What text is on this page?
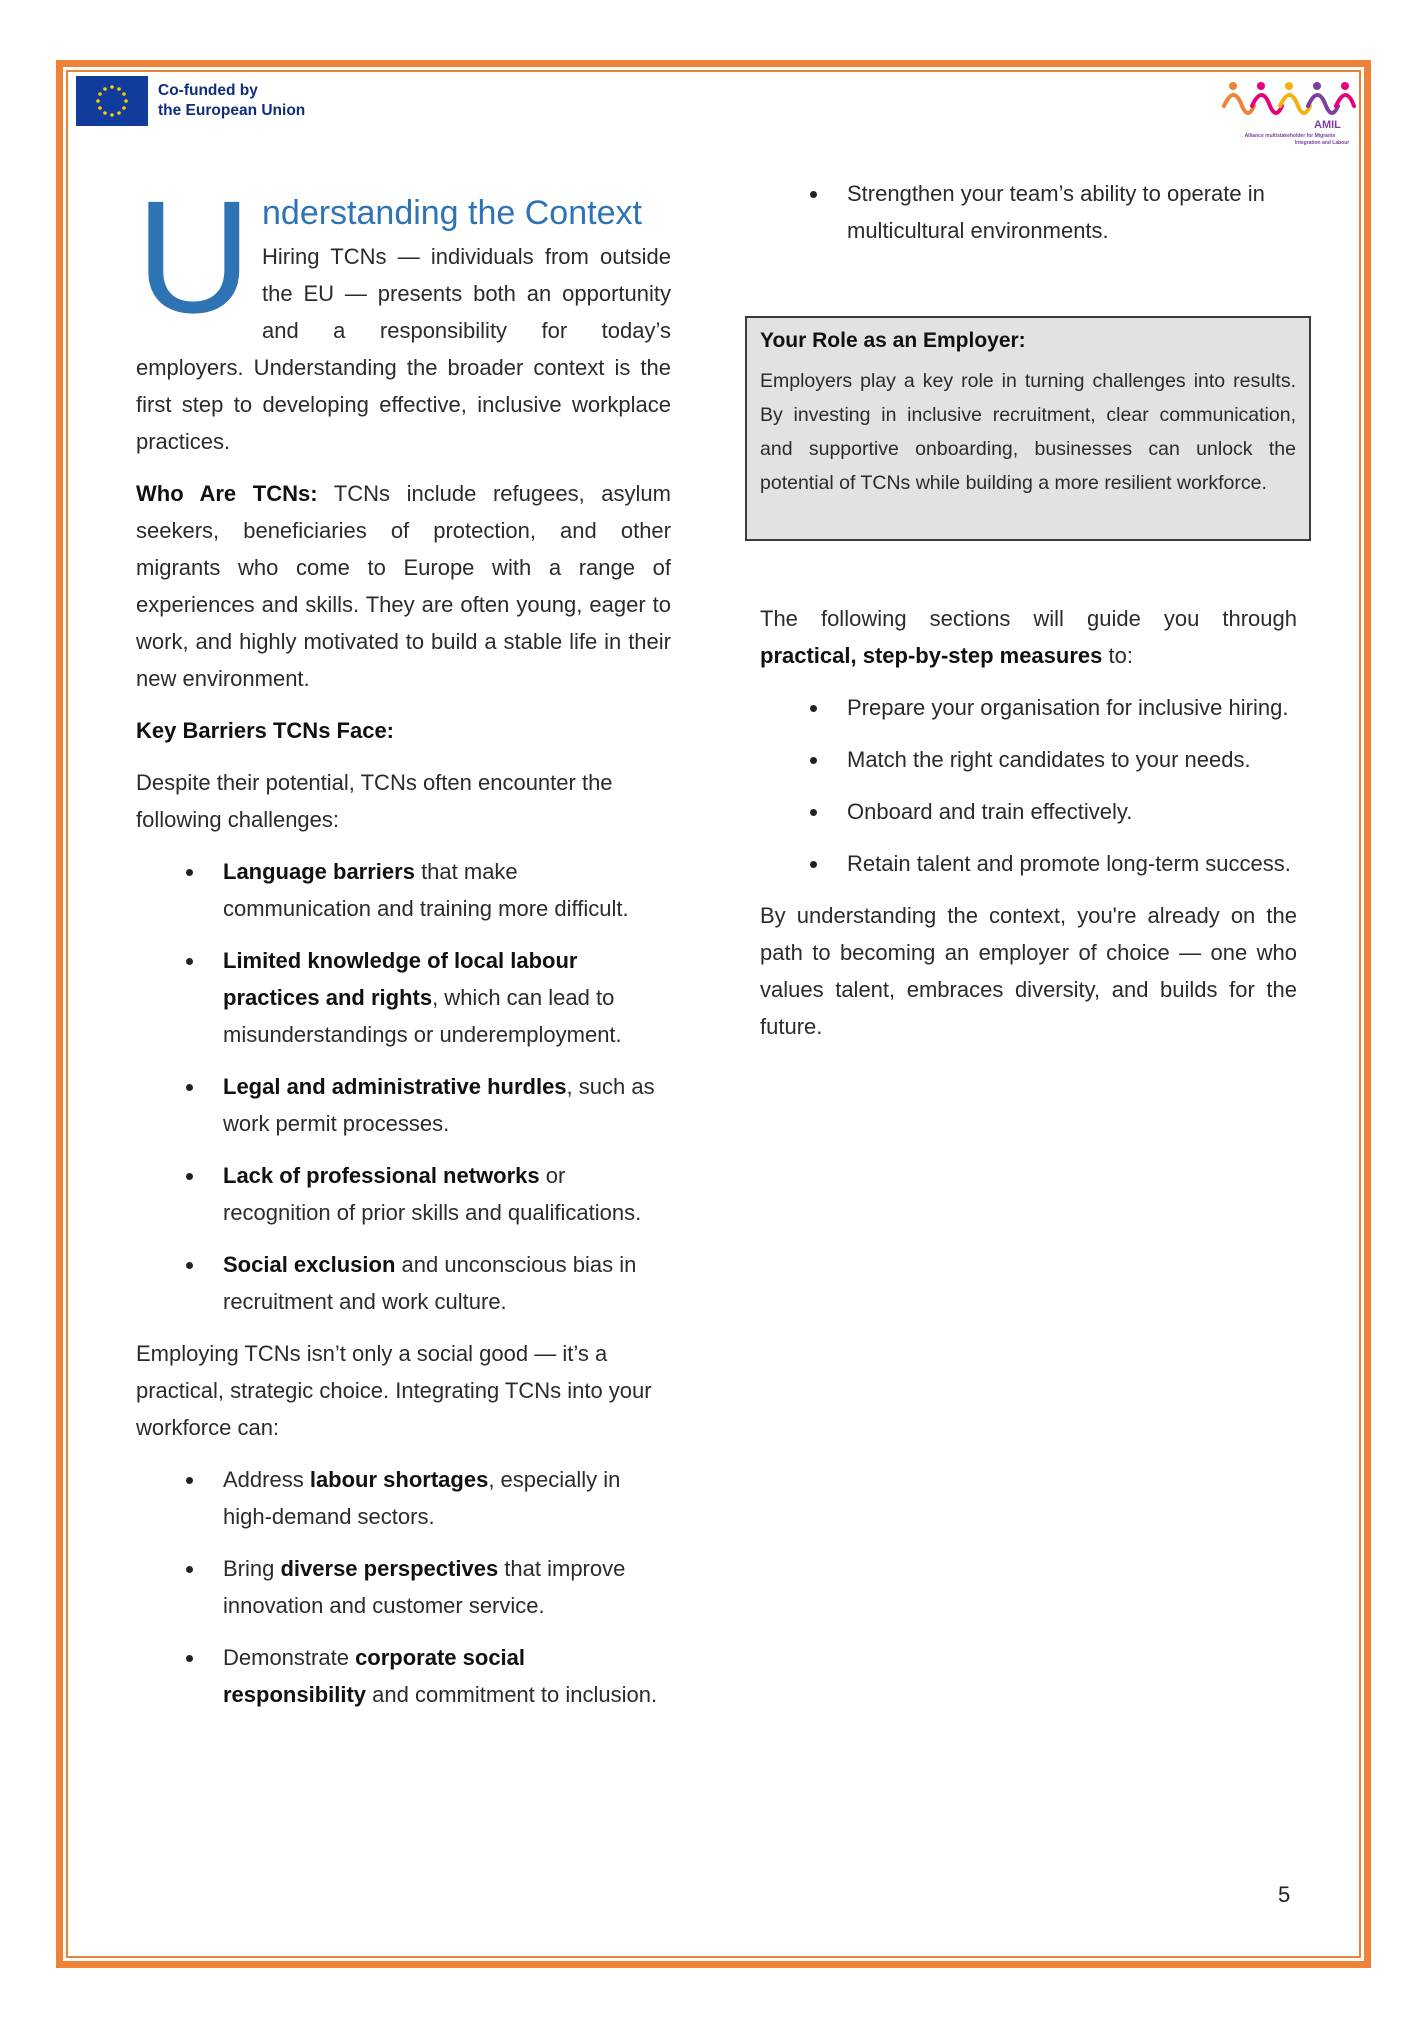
Co-funded by
the European Union
AMIL
Alliance multistakeholder for Migrants
Integration and Labour
U nderstanding the Context

Hiring TCNs — individuals from outside the EU — presents both an opportunity and a responsibility for today’s employers. Understanding the broader context is the first step to developing effective, inclusive workplace practices.

Who Are TCNs: TCNs include refugees, asylum seekers, beneficiaries of protection, and other migrants who come to Europe with a range of experiences and skills. They are often young, eager to work, and highly motivated to build a stable life in their new environment.

Key Barriers TCNs Face:

Despite their potential, TCNs often encounter the following challenges:

Language barriers that make communication and training more difficult.
Limited knowledge of local labour practices and rights, which can lead to misunderstandings or underemployment.
Legal and administrative hurdles, such as work permit processes.
Lack of professional networks or recognition of prior skills and qualifications.
Social exclusion and unconscious bias in recruitment and work culture.

Employing TCNs isn’t only a social good — it’s a practical, strategic choice. Integrating TCNs into your workforce can:

Address labour shortages, especially in high-demand sectors.
Bring diverse perspectives that improve innovation and customer service.
Demonstrate corporate social responsibility and commitment to inclusion.
Strengthen your team’s ability to operate in multicultural environments.
Your Role as an Employer:
Employers play a key role in turning challenges into results. By investing in inclusive recruitment, clear communication, and supportive onboarding, businesses can unlock the potential of TCNs while building a more resilient workforce.

The following sections will guide you through practical, step-by-step measures to:

Prepare your organisation for inclusive hiring.
Match the right candidates to your needs.
Onboard and train effectively.
Retain talent and promote long-term success.

By understanding the context, you're already on the path to becoming an employer of choice — one who values talent, embraces diversity, and builds for the future.

5
